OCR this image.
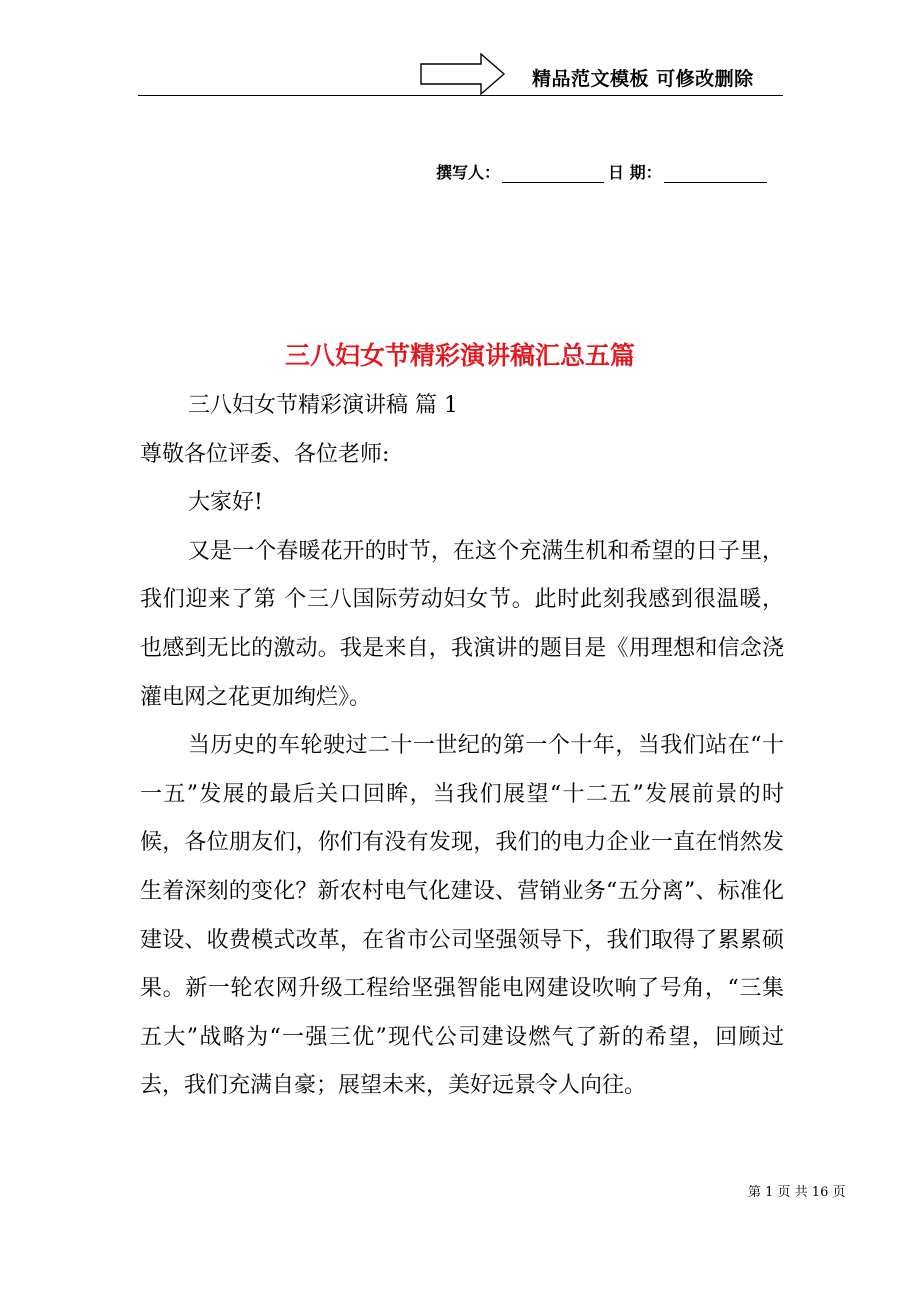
精品范文模板 可修改删除
撰写人：	日 期：
三八妇女节精彩演讲稿汇总五篇

三八妇女节精彩演讲稿 篇 1

尊敬各位评委、各位老师:

大家好!

又是一个春暖花开的时节，在这个充满生机和希望的日子里，我们迎来了第 个三八国际劳动妇女节。此时此刻我感到很温暖，也感到无比的激动。我是来自，我演讲的题目是《用理想和信念浇灌电网之花更加绚烂》。

当历史的车轮驶过二十一世纪的第一个十年，当我们站在“十一五”发展的最后关口回眸，当我们展望“十二五”发展前景的时候，各位朋友们，你们有没有发现，我们的电力企业一直在悄然发生着深刻的变化？新农村电气化建设、营销业务“五分离”、标准化建设、收费模式改革，在省市公司坚强领导下，我们取得了累累硕果。新一轮农网升级工程给坚强智能电网建设吹响了号角，“三集五大”战略为“一强三优”现代公司建设燃气了新的希望，回顾过去，我们充满自豪；展望未来，美好远景令人向往。

第 1 页 共 16 页
